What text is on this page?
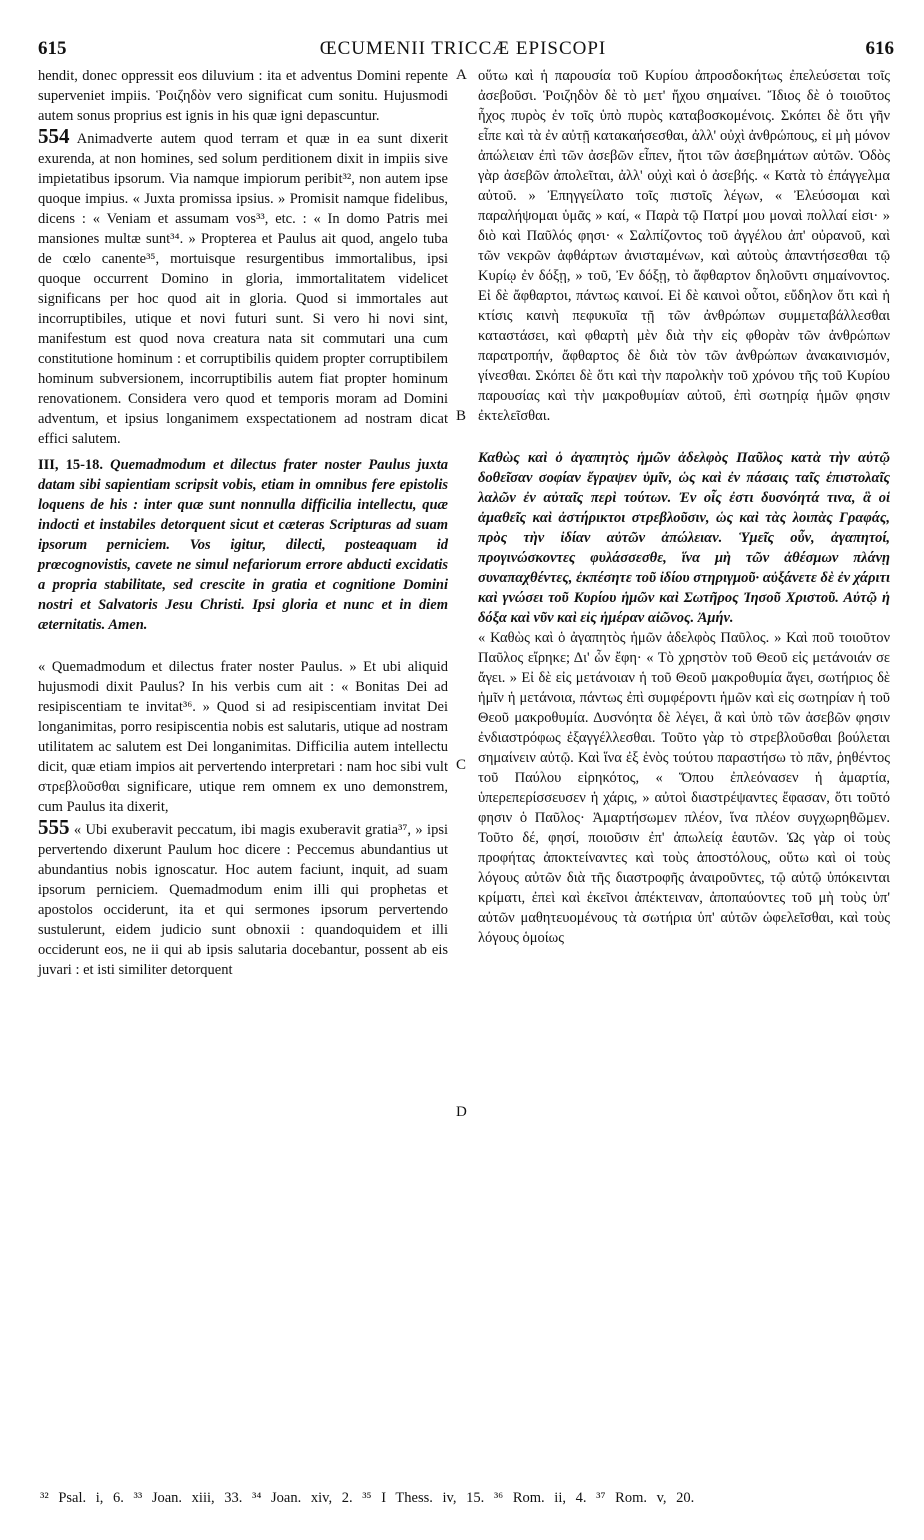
615	ŒCUMENII TRICCÆ EPISCOPI	616

hendit, donec oppressit eos diluvium : ita et adventus Domini repente superveniet impiis. Ῥοιζηδὸν vero significat cum sonitu. Hujusmodi autem sonus proprius est ignis in his quæ igni depascuntur.

554 Animadverte autem quod terram et quæ in ea sunt dixerit exurenda, at non homines, sed solum perditionem dixit in impiis sive impietatibus ipsorum. Via namque impiorum peribit³², non autem ipse quoque impius. « Juxta promissa ipsius. » Promisit namque fidelibus, dicens : « Veniam et assumam vos³³, etc. : « In domo Patris mei mansiones multæ sunt³⁴. » Propterea et Paulus ait quod, angelo tuba de cœlo canente³⁵, mortuisque resurgentibus immortalibus, ipsi quoque occurrent Domino in gloria, immortalitatem videlicet significans per hoc quod ait in gloria. Quod si immortales aut incorruptibiles, utique et novi futuri sunt. Si vero hi novi sint, manifestum est quod nova creatura nata sit commutari una cum constitutione hominum : et corruptibilis quidem propter corruptibilem hominum subversionem, incorruptibilis autem fiat propter hominum renovationem. Considera vero quod et temporis moram ad Domini adventum, et ipsius longanimem exspectationem ad nostram dicat effici salutem.

III, 15-18. Quemadmodum et dilectus frater noster Paulus juxta datam sibi sapientiam scripsit vobis, etiam in omnibus fere epistolis loquens de his : inter quæ sunt nonnulla difficilia intellectu, quæ indocti et instabiles detorquent sicut et cæteras Scripturas ad suam ipsorum perniciem. Vos igitur, dilecti, posteaquam id prœcognovistis, cavete ne simul nefariorum errore abducti excidatis a propria stabilitate, sed crescite in gratia et cognitione Domini nostri et Salvatoris Jesu Christi. Ipsi gloria et nunc et in diem æternitatis. Amen.

« Quemadmodum et dilectus frater noster Paulus. » Et ubi aliquid hujusmodi dixit Paulus? In his verbis cum ait : « Bonitas Dei ad resipiscentiam te invitat³⁶. » Quod si ad resipiscentiam invitat Dei longanimitas, porro resipiscentia nobis est salutaris, utique ad nostram utilitatem ac salutem est Dei longanimitas. Difficilia autem intellectu dicit, quæ etiam impios ait pervertendo interpretari : nam hoc sibi vult στρεβλοῦσθαι significare, utique rem omnem ex uno demonstrem, cum Paulus ita dixerit,

555 « Ubi exuberavit peccatum, ibi magis exuberavit gratia³⁷, » ipsi pervertendo dixerunt Paulum hoc dicere : Peccemus abundantius ut abundantius nobis ignoscatur. Hoc autem faciunt, inquit, ad suam ipsorum perniciem. Quemadmodum enim illi qui prophetas et apostolos occiderunt, ita et qui sermones ipsorum pervertendo sustulerunt, eidem judicio sunt obnoxii : quandoquidem et illi occiderunt eos, ne ii qui ab ipsis salutaria docebantur, possent ab eis juvari : et isti similiter detorquent

A
B
C
D

οὕτω καὶ ἡ παρουσία τοῦ Κυρίου ἀπροσδοκήτως ἐπελεύσεται τοῖς ἀσεβοῦσι. Ῥοιζηδὸν δὲ τὸ μετ' ἤχου σημαίνει. Ἴδιος δὲ ὁ τοιοῦτος ἦχος πυρὸς ἐν τοῖς ὑπὸ πυρὸς καταβοσκομένοις. Σκόπει δὲ ὅτι γῆν εἶπε καὶ τὰ ἐν αὐτῇ κατακαήσεσθαι, ἀλλ' οὐχὶ ἀνθρώπους, εἰ μὴ μόνον ἀπώλειαν ἐπὶ τῶν ἀσεβῶν εἶπεν, ἤτοι τῶν ἀσεβημάτων αὐτῶν. Ὁδὸς γὰρ ἀσεβῶν ἀπολεῖται, ἀλλ' οὐχὶ καὶ ὁ ἀσεβής. « Κατὰ τὸ ἐπάγγελμα αὐτοῦ. » Ἐπηγγείλατο τοῖς πιστοῖς λέγων, « Ἐλεύσομαι καὶ παραλήψομαι ὑμᾶς » καί, « Παρὰ τῷ Πατρί μου μοναὶ πολλαί εἰσι· » διὸ καὶ Παῦλός φησι· « Σαλπίζοντος τοῦ ἀγγέλου ἀπ' οὐρανοῦ, καὶ τῶν νεκρῶν ἀφθάρτων ἀνισταμένων, καὶ αὐτοὺς ἀπαντήσεσθαι τῷ Κυρίῳ ἐν δόξῃ, » τοῦ, Ἐν δόξῃ, τὸ ἄφθαρτον δηλοῦντι σημαίνοντος. Εἰ δὲ ἄφθαρτοι, πάντως καινοί. Εἰ δὲ καινοὶ οὗτοι, εὔδηλον ὅτι καὶ ἡ κτίσις καινὴ πεφυκυῖα τῇ τῶν ἀνθρώπων συμμεταβάλλεσθαι καταστάσει, καὶ φθαρτὴ μὲν διὰ τὴν εἰς φθορὰν τῶν ἀνθρώπων παρατροπήν, ἄφθαρτος δὲ διὰ τὸν τῶν ἀνθρώπων ἀνακαινισμόν, γίνεσθαι. Σκόπει δὲ ὅτι καὶ τὴν παρολκὴν τοῦ χρόνου τῆς τοῦ Κυρίου παρουσίας καὶ τὴν μακροθυμίαν αὐτοῦ, ἐπὶ σωτηρίᾳ ἡμῶν φησιν ἐκτελεῖσθαι.

Καθὼς καὶ ὁ ἀγαπητὸς ἡμῶν ἀδελφὸς Παῦλος κατὰ τὴν αὐτῷ δοθεῖσαν σοφίαν ἔγραψεν ὑμῖν, ὡς καὶ ἐν πάσαις ταῖς ἐπιστολαῖς λαλῶν ἐν αὐταῖς περὶ τούτων. Ἐν οἷς ἐστι δυσνόητά τινα, ἃ οἱ ἀμαθεῖς καὶ ἀστήρικτοι στρεβλοῦσιν, ὡς καὶ τὰς λοιπὰς Γραφάς, πρὸς τὴν ἰδίαν αὐτῶν ἀπώλειαν. Ὑμεῖς οὖν, ἀγαπητοί, προγινώσκοντες φυλάσσεσθε, ἵνα μὴ τῶν ἀθέσμων πλάνῃ συναπαχθέντες, ἐκπέσητε τοῦ ἰδίου στηριγμοῦ· αὐξάνετε δὲ ἐν χάριτι καὶ γνώσει τοῦ Κυρίου ἡμῶν καὶ Σωτῆρος Ἰησοῦ Χριστοῦ. Αὐτῷ ἡ δόξα καὶ νῦν καὶ εἰς ἡμέραν αἰῶνος. Ἀμήν.

« Καθὼς καὶ ὁ ἀγαπητὸς ἡμῶν ἀδελφὸς Παῦλος. » Καὶ ποῦ τοιοῦτον Παῦλος εἴρηκε; Δι' ὧν ἔφη· « Τὸ χρηστὸν τοῦ Θεοῦ εἰς μετάνοιάν σε ἄγει. » Εἰ δὲ εἰς μετάνοιαν ἡ τοῦ Θεοῦ μακροθυμία ἄγει, σωτήριος δὲ ἡμῖν ἡ μετάνοια, πάντως ἐπὶ συμφέροντι ἡμῶν καὶ εἰς σωτηρίαν ἡ τοῦ Θεοῦ μακροθυμία. Δυσνόητα δὲ λέγει, ἃ καὶ ὑπὸ τῶν ἀσεβῶν φησιν ἐνδιαστρόφως ἐξαγγέλλεσθαι. Τοῦτο γὰρ τὸ στρεβλοῦσθαι βούλεται σημαίνειν αὐτῷ. Καὶ ἵνα ἐξ ἑνὸς τούτου παραστήσω τὸ πᾶν, ῥηθέντος τοῦ Παύλου εἰρηκότος, « Ὅπου ἐπλεόνασεν ἡ ἁμαρτία, ὑπερεπερίσσευσεν ἡ χάρις, » αὐτοὶ διαστρέψαντες ἔφασαν, ὅτι τοῦτό φησιν ὁ Παῦλος· Ἁμαρτήσωμεν πλέον, ἵνα πλέον συγχωρηθῶμεν. Τοῦτο δέ, φησί, ποιοῦσιν ἐπ' ἀπωλείᾳ ἑαυτῶν. Ὡς γὰρ οἱ τοὺς προφήτας ἀποκτείναντες καὶ τοὺς ἀποστόλους, οὕτω καὶ οἱ τοὺς λόγους αὐτῶν διὰ τῆς διαστροφῆς ἀναιροῦντες, τῷ αὐτῷ ὑπόκεινται κρίματι, ἐπεὶ καὶ ἐκεῖνοι ἀπέκτειναν, ἀποπαύοντες τοῦ μὴ τοὺς ὑπ' αὐτῶν μαθητευομένους τὰ σωτήρια ὑπ' αὐτῶν ὠφελεῖσθαι, καὶ τοὺς λόγους ὁμοίως

³² Psal. i, 6. ³³ Joan. xiii, 33. ³⁴ Joan. xiv, 2. ³⁵ I Thess. iv, 15. ³⁶ Rom. ii, 4. ³⁷ Rom. v, 20.
